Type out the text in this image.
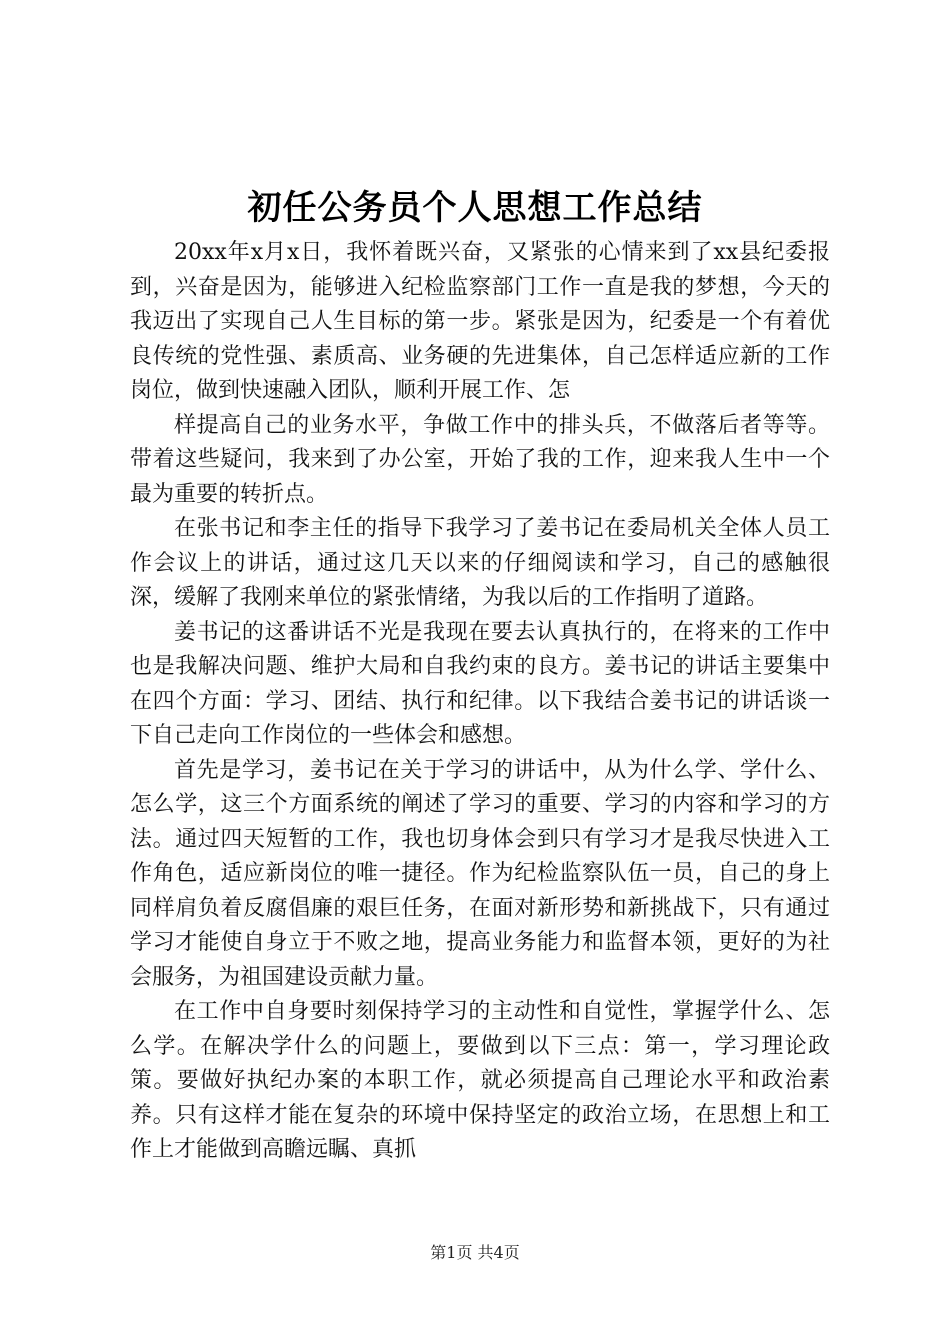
初任公务员个人思想工作总结

20xx年x月x日，我怀着既兴奋，又紧张的心情来到了xx县纪委报到，兴奋是因为，能够进入纪检监察部门工作一直是我的梦想，今天的我迈出了实现自己人生目标的第一步。紧张是因为，纪委是一个有着优良传统的党性强、素质高、业务硬的先进集体，自己怎样适应新的工作岗位，做到快速融入团队，顺利开展工作、怎

样提高自己的业务水平，争做工作中的排头兵，不做落后者等等。带着这些疑问，我来到了办公室，开始了我的工作，迎来我人生中一个最为重要的转折点。

在张书记和李主任的指导下我学习了姜书记在委局机关全体人员工作会议上的讲话，通过这几天以来的仔细阅读和学习，自己的感触很深，缓解了我刚来单位的紧张情绪，为我以后的工作指明了道路。

姜书记的这番讲话不光是我现在要去认真执行的，在将来的工作中也是我解决问题、维护大局和自我约束的良方。姜书记的讲话主要集中在四个方面：学习、团结、执行和纪律。以下我结合姜书记的讲话谈一下自己走向工作岗位的一些体会和感想。

首先是学习，姜书记在关于学习的讲话中，从为什么学、学什么、怎么学，这三个方面系统的阐述了学习的重要、学习的内容和学习的方法。通过四天短暂的工作，我也切身体会到只有学习才是我尽快进入工作角色，适应新岗位的唯一捷径。作为纪检监察队伍一员，自己的身上同样肩负着反腐倡廉的艰巨任务，在面对新形势和新挑战下，只有通过学习才能使自身立于不败之地，提高业务能力和监督本领，更好的为社会服务，为祖国建设贡献力量。

在工作中自身要时刻保持学习的主动性和自觉性，掌握学什么、怎么学。在解决学什么的问题上，要做到以下三点：第一，学习理论政策。要做好执纪办案的本职工作，就必须提高自己理论水平和政治素养。只有这样才能在复杂的环境中保持坚定的政治立场，在思想上和工作上才能做到高瞻远瞩、真抓

第1页 共4页
